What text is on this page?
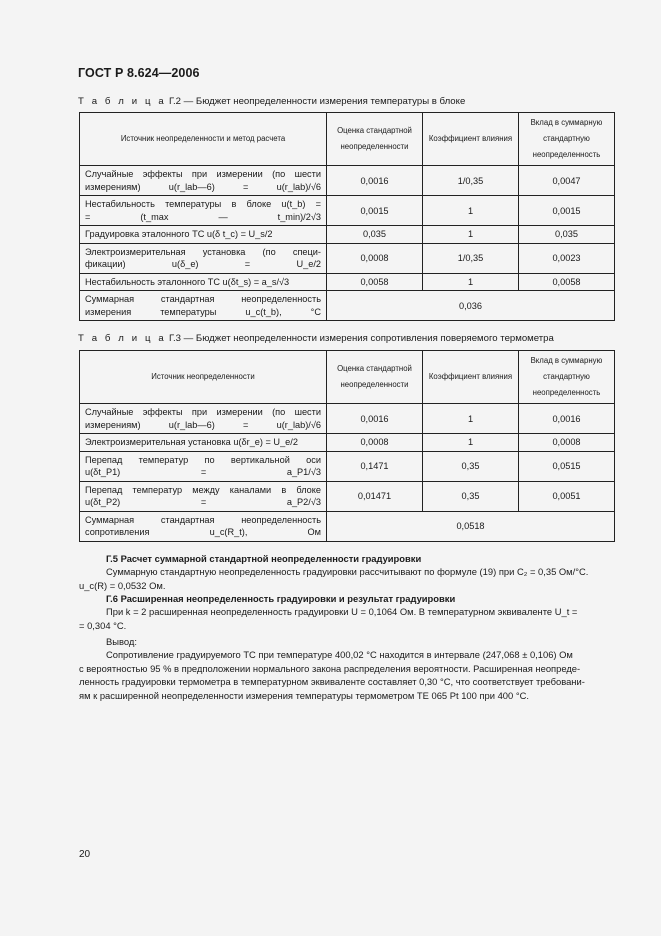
ГОСТ Р 8.624—2006
Т а б л и ц а Г.2 — Бюджет неопределенности измерения температуры в блоке
Источник неопределенности и метод расчета	Оценка стандартной неопределенности	Коэффициент влияния	Вклад в суммарную стандартную неопределенность
Случайные эффекты при измерении (по шести
измерениям) u(r_lab—6) = u(r_lab)/√6	0,0016	1/0,35	0,0047
Нестабильность температуры в блоке u(t_b) =
= (t_max — t_min)/2√3	0,0015	1	0,0015
Градуировка эталонного ТС u(δ t_c) = U_s/2	0,035	1	0,035
Электроизмерительная установка (по специ-
фикации) u(δ_e) = U_e/2	0,0008	1/0,35	0,0023
Нестабильность эталонного ТС u(δt_s) = a_s/√3	0,0058	1	0,0058
Суммарная стандартная неопределенность
измерения температуры u_c(t_b), °C	0,036		
Т а б л и ц а Г.3 — Бюджет неопределенности измерения сопротивления поверяемого термометра
Источник неопределенности	Оценка стандартной неопределенности	Коэффициент влияния	Вклад в суммарную стандартную неопределенность
Случайные эффекты при измерении (по шести
измерениям) u(r_lab—6) = u(r_lab)/√6	0,0016	1	0,0016
Электроизмерительная установка u(δr_e) = U_e/2	0,0008	1	0,0008
Перепад температур по вертикальной оси
u(δt_P1) = a_P1/√3	0,1471	0,35	0,0515
Перепад температур между каналами в блоке
u(δt_P2) = a_P2/√3	0,01471	0,35	0,0051
Суммарная стандартная неопределенность
сопротивления u_c(R_t), Ом	0,0518		
Г.5 Расчет суммарной стандартной неопределенности градуировки
Суммарную стандартную неопределенность градуировки рассчитывают по формуле (19) при C₂ = 0,35 Ом/°C.
u_c(R) = 0,0532 Ом.
Г.6 Расширенная неопределенность градуировки и результат градуировки
При k = 2 расширенная неопределенность градуировки U = 0,1064 Ом. В температурном эквиваленте U_t =
= 0,304 °C.
Вывод:
Сопротивление градуируемого ТС при температуре 400,02 °C находится в интервале (247,068 ± 0,106) Ом
с вероятностью 95 % в предположении нормального закона распределения вероятности. Расширенная неопреде-
ленность градуировки термометра в температурном эквиваленте составляет 0,30 °C, что соответствует требовани-
ям к расширенной неопределенности измерения температуры термометром TE 065 Pt 100 при 400 °C.
20
